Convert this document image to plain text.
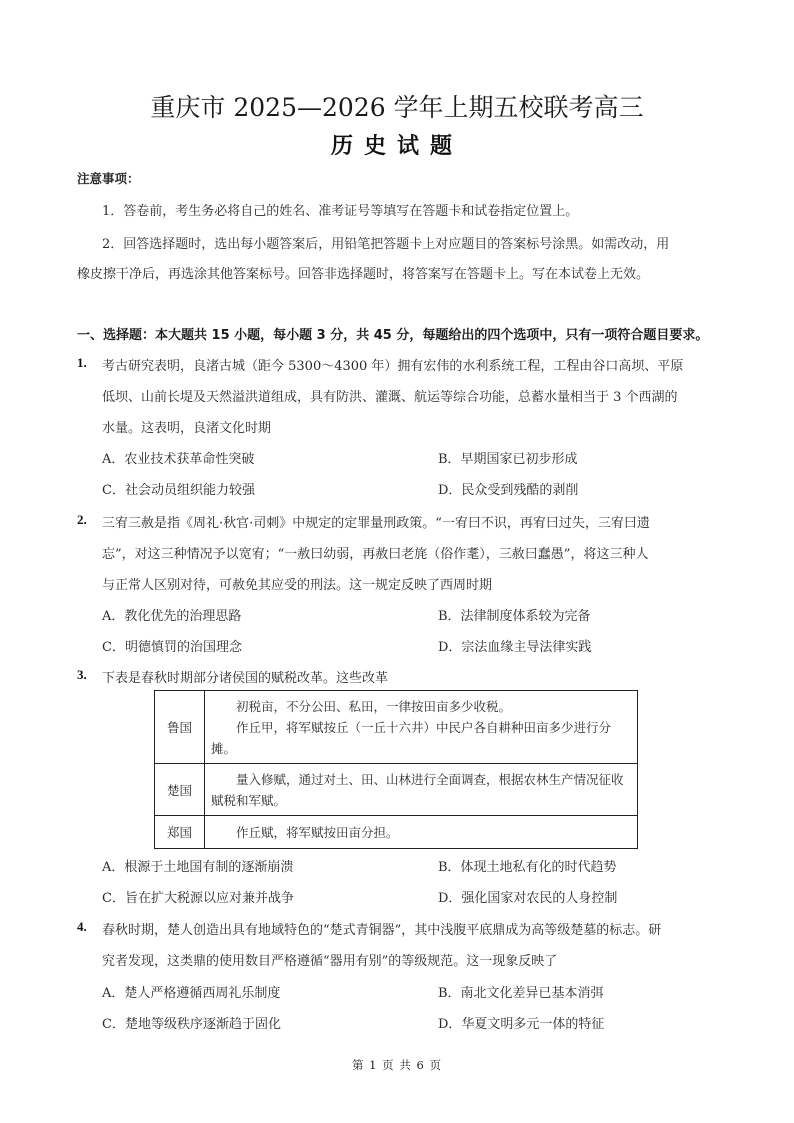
重庆市 2025—2026 学年上期五校联考高三
历史试题
注意事项：
1．答卷前，考生务必将自己的姓名、准考证号等填写在答题卡和试卷指定位置上。
2．回答选择题时，选出每小题答案后，用铅笔把答题卡上对应题目的答案标号涂黑。如需改动，用
橡皮擦干净后，再选涂其他答案标号。回答非选择题时，将答案写在答题卡上。写在本试卷上无效。
一、选择题：本大题共 15 小题，每小题 3 分，共 45 分，每题给出的四个选项中，只有一项符合题目要求。
1. 考古研究表明，良渚古城（距今 5300～4300 年）拥有宏伟的水利系统工程，工程由谷口高坝、平原
低坝、山前长堤及天然溢洪道组成，具有防洪、灌溉、航运等综合功能，总蓄水量相当于 3 个西湖的
水量。这表明，良渚文化时期
A．农业技术获革命性突破	B．早期国家已初步形成
C．社会动员组织能力较强	D．民众受到残酷的剥削
2. 三宥三赦是指《周礼·秋官·司刺》中规定的定罪量刑政策。“一宥曰不识，再宥曰过失，三宥曰遗
忘”，对这三种情况予以宽宥；“一赦曰幼弱，再赦曰老旄（俗作耄），三赦曰蠢愚”，将这三种人
与正常人区别对待，可赦免其应受的刑法。这一规定反映了西周时期
A．教化优先的治理思路	B．法律制度体系较为完备
C．明德慎罚的治国理念	D．宗法血缘主导法律实践
3. 下表是春秋时期部分诸侯国的赋税改革。这些改革
鲁国	初税亩，不分公田、私田，一律按田亩多少收税。
作丘甲，将军赋按丘（一丘十六井）中民户各自耕种田亩多少进行分摊。

楚国	量入修赋，通过对土、田、山林进行全面调查，根据农林生产情况征收赋税和军赋。

郑国	作丘赋，将军赋按田亩分担。
A．根源于土地国有制的逐渐崩溃	B．体现土地私有化的时代趋势
C．旨在扩大税源以应对兼并战争	D．强化国家对农民的人身控制
4. 春秋时期，楚人创造出具有地域特色的“楚式青铜器”，其中浅腹平底鼎成为高等级楚墓的标志。研
究者发现，这类鼎的使用数目严格遵循“器用有别”的等级规范。这一现象反映了
A．楚人严格遵循西周礼乐制度	B．南北文化差异已基本消弭
C．楚地等级秩序逐渐趋于固化	D．华夏文明多元一体的特征
第 1 页 共 6 页
